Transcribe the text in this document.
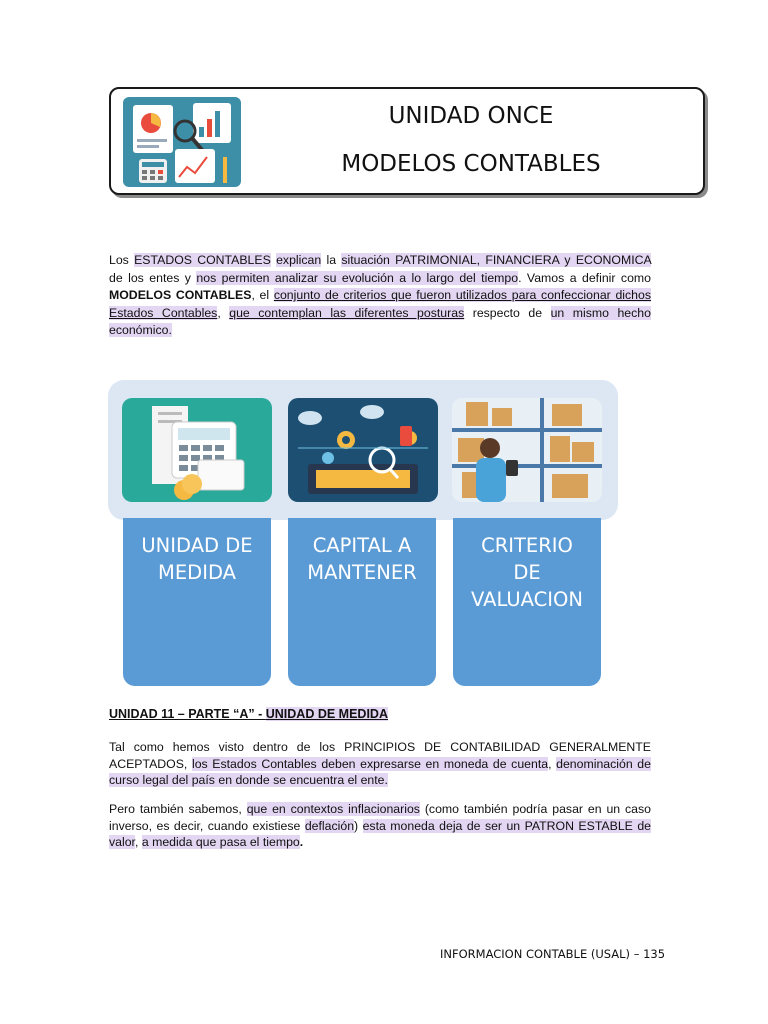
UNIDAD ONCE
MODELOS CONTABLES
Los ESTADOS CONTABLES explican la situación PATRIMONIAL, FINANCIERA y ECONOMICA de los entes y nos permiten analizar su evolución a lo largo del tiempo. Vamos a definir como MODELOS CONTABLES, el conjunto de criterios que fueron utilizados para confeccionar dichos Estados Contables, que contemplan las diferentes posturas respecto de un mismo hecho económico.
UNIDAD DE
MEDIDA
CAPITAL A
MANTENER
CRITERIO
DE
VALUACION
UNIDAD 11 – PARTE “A” - UNIDAD DE MEDIDA
Tal como hemos visto dentro de los PRINCIPIOS DE CONTABILIDAD GENERALMENTE ACEPTADOS, los Estados Contables deben expresarse en moneda de cuenta, denominación de curso legal del país en donde se encuentra el ente.
Pero también sabemos, que en contextos inflacionarios (como también podría pasar en un caso inverso, es decir, cuando existiese deflación) esta moneda deja de ser un PATRON ESTABLE de valor, a medida que pasa el tiempo.
INFORMACION CONTABLE (USAL) – 135
